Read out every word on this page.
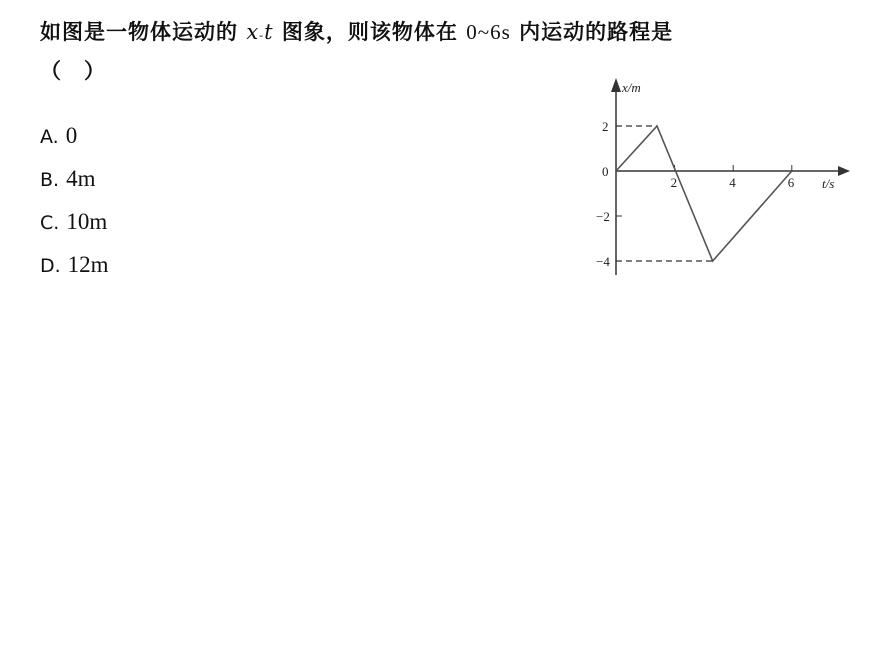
如图是一物体运动的 x-t 图象，则该物体在 0~6s 内运动的路程是
（　）
A. 0
B. 4m
C. 10m
D. 12m
x/m
t/s
2	4	6
2
0
−2
−4
